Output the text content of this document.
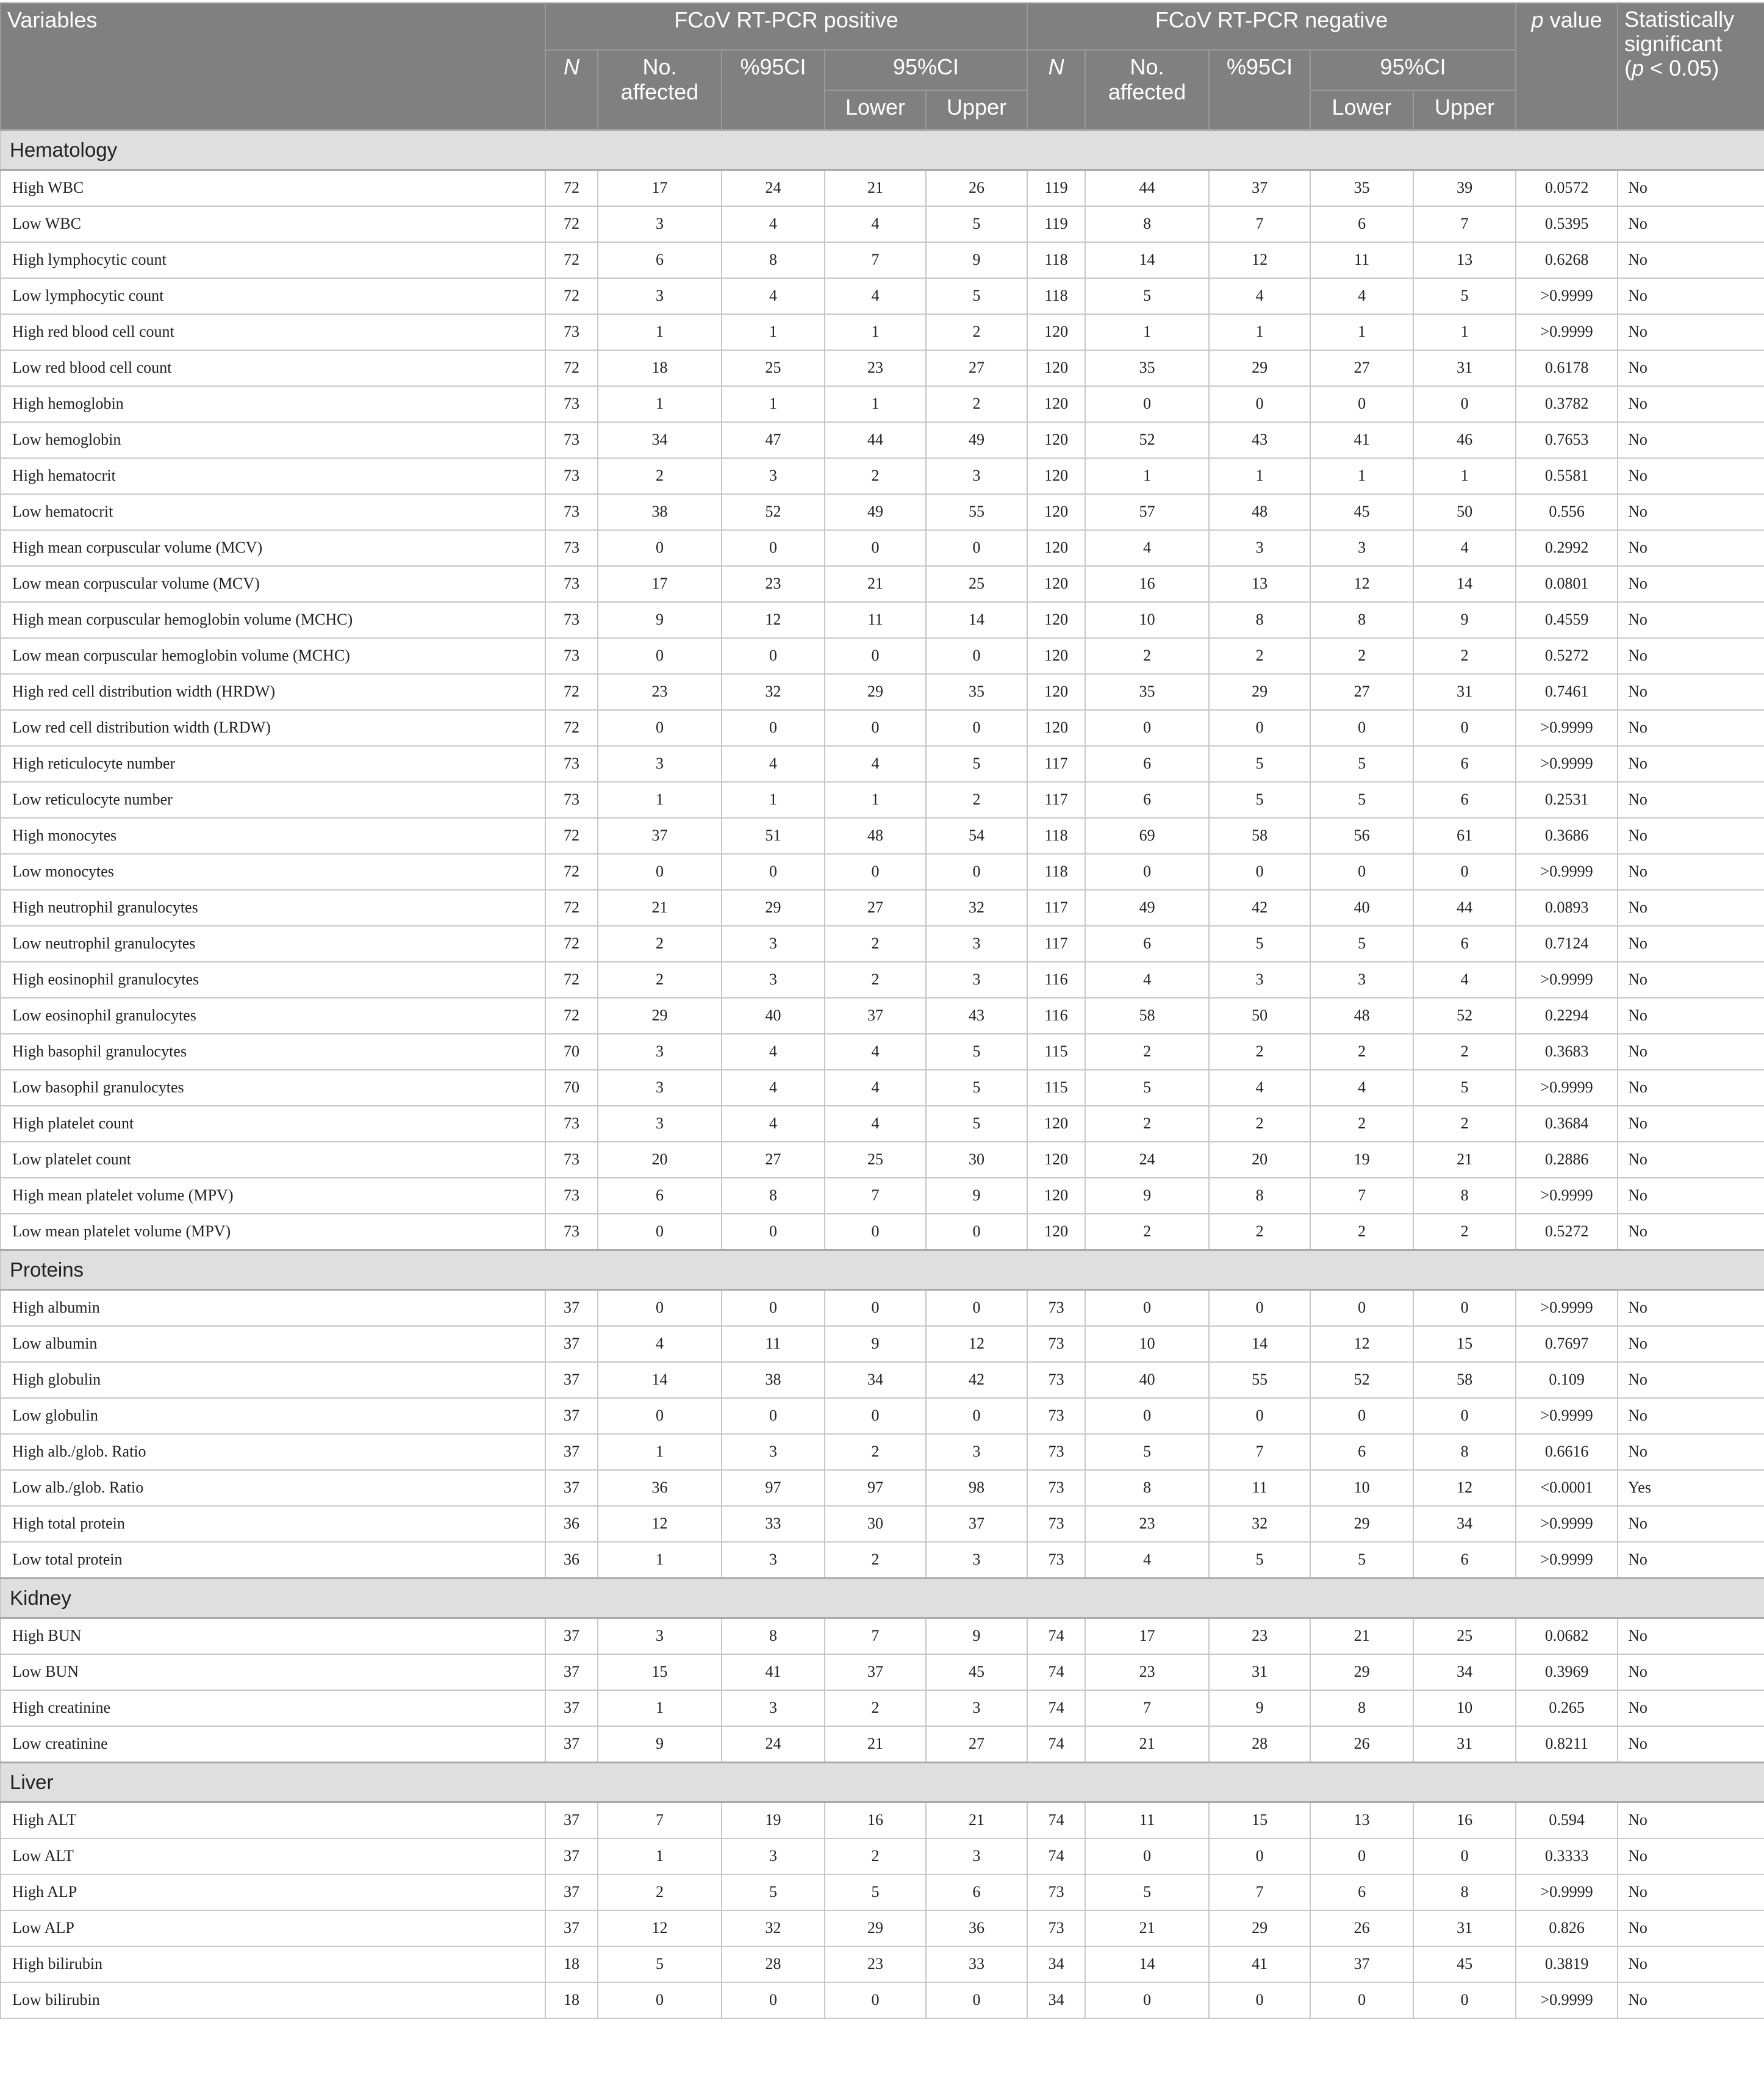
Variables	FCoV RT-PCR positive					FCoV RT-PCR negative					p value	Statistically significant
(p < 0.05)
	N	No. affected	%95CI	95%CI		N	No. affected	%95CI	95%CI			
				Lower	Upper				Lower	Upper		
Hematology												
High WBC	72	17	24	21	26	119	44	37	35	39	0.0572	No
Low WBC	72	3	4	4	5	119	8	7	6	7	0.5395	No
High lymphocytic count	72	6	8	7	9	118	14	12	11	13	0.6268	No
Low lymphocytic count	72	3	4	4	5	118	5	4	4	5	>0.9999	No
High red blood cell count	73	1	1	1	2	120	1	1	1	1	>0.9999	No
Low red blood cell count	72	18	25	23	27	120	35	29	27	31	0.6178	No
High hemoglobin	73	1	1	1	2	120	0	0	0	0	0.3782	No
Low hemoglobin	73	34	47	44	49	120	52	43	41	46	0.7653	No
High hematocrit	73	2	3	2	3	120	1	1	1	1	0.5581	No
Low hematocrit	73	38	52	49	55	120	57	48	45	50	0.556	No
High mean corpuscular volume (MCV)	73	0	0	0	0	120	4	3	3	4	0.2992	No
Low mean corpuscular volume (MCV)	73	17	23	21	25	120	16	13	12	14	0.0801	No
High mean corpuscular hemoglobin volume (MCHC)	73	9	12	11	14	120	10	8	8	9	0.4559	No
Low mean corpuscular hemoglobin volume (MCHC)	73	0	0	0	0	120	2	2	2	2	0.5272	No
High red cell distribution width (HRDW)	72	23	32	29	35	120	35	29	27	31	0.7461	No
Low red cell distribution width (LRDW)	72	0	0	0	0	120	0	0	0	0	>0.9999	No
High reticulocyte number	73	3	4	4	5	117	6	5	5	6	>0.9999	No
Low reticulocyte number	73	1	1	1	2	117	6	5	5	6	0.2531	No
High monocytes	72	37	51	48	54	118	69	58	56	61	0.3686	No
Low monocytes	72	0	0	0	0	118	0	0	0	0	>0.9999	No
High neutrophil granulocytes	72	21	29	27	32	117	49	42	40	44	0.0893	No
Low neutrophil granulocytes	72	2	3	2	3	117	6	5	5	6	0.7124	No
High eosinophil granulocytes	72	2	3	2	3	116	4	3	3	4	>0.9999	No
Low eosinophil granulocytes	72	29	40	37	43	116	58	50	48	52	0.2294	No
High basophil granulocytes	70	3	4	4	5	115	2	2	2	2	0.3683	No
Low basophil granulocytes	70	3	4	4	5	115	5	4	4	5	>0.9999	No
High platelet count	73	3	4	4	5	120	2	2	2	2	0.3684	No
Low platelet count	73	20	27	25	30	120	24	20	19	21	0.2886	No
High mean platelet volume (MPV)	73	6	8	7	9	120	9	8	7	8	>0.9999	No
Low mean platelet volume (MPV)	73	0	0	0	0	120	2	2	2	2	0.5272	No
Proteins												
High albumin	37	0	0	0	0	73	0	0	0	0	>0.9999	No
Low albumin	37	4	11	9	12	73	10	14	12	15	0.7697	No
High globulin	37	14	38	34	42	73	40	55	52	58	0.109	No
Low globulin	37	0	0	0	0	73	0	0	0	0	>0.9999	No
High alb./glob. Ratio	37	1	3	2	3	73	5	7	6	8	0.6616	No
Low alb./glob. Ratio	37	36	97	97	98	73	8	11	10	12	<0.0001	Yes
High total protein	36	12	33	30	37	73	23	32	29	34	>0.9999	No
Low total protein	36	1	3	2	3	73	4	5	5	6	>0.9999	No
Kidney												
High BUN	37	3	8	7	9	74	17	23	21	25	0.0682	No
Low BUN	37	15	41	37	45	74	23	31	29	34	0.3969	No
High creatinine	37	1	3	2	3	74	7	9	8	10	0.265	No
Low creatinine	37	9	24	21	27	74	21	28	26	31	0.8211	No
Liver												
High ALT	37	7	19	16	21	74	11	15	13	16	0.594	No
Low ALT	37	1	3	2	3	74	0	0	0	0	0.3333	No
High ALP	37	2	5	5	6	73	5	7	6	8	>0.9999	No
Low ALP	37	12	32	29	36	73	21	29	26	31	0.826	No
High bilirubin	18	5	28	23	33	34	14	41	37	45	0.3819	No
Low bilirubin	18	0	0	0	0	34	0	0	0	0	>0.9999	No
